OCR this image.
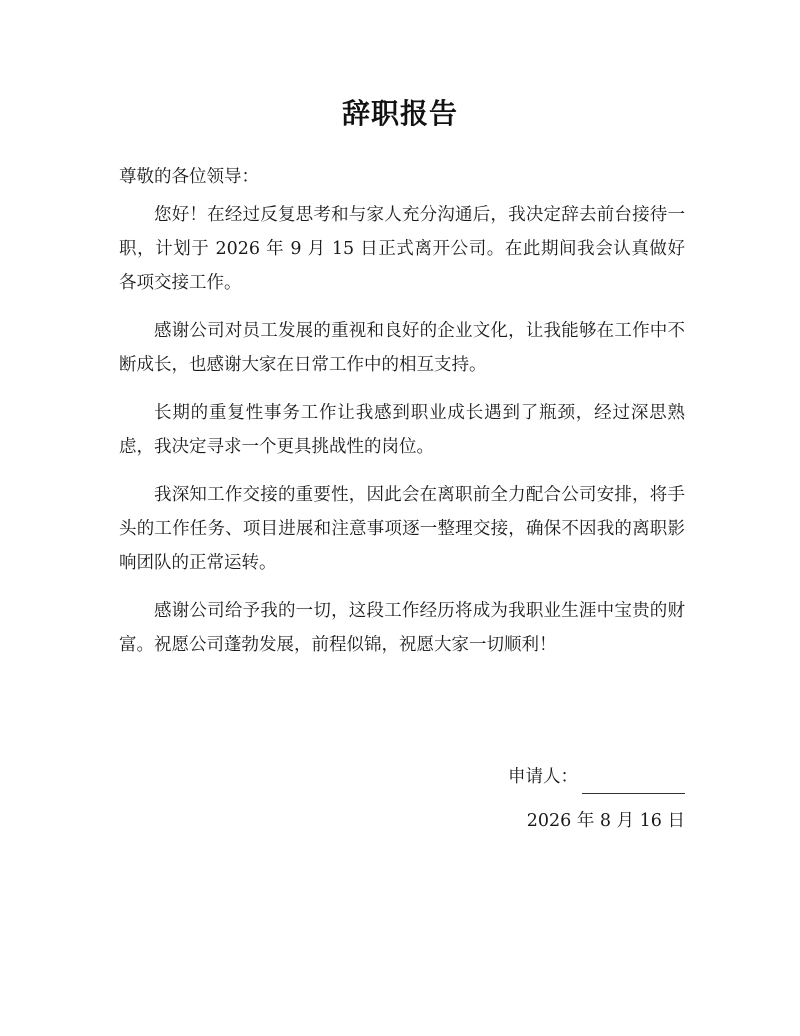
辞职报告

尊敬的各位领导：

您好！在经过反复思考和与家人充分沟通后，我决定辞去前台接待一职，计划于 2026 年 9 月 15 日正式离开公司。在此期间我会认真做好各项交接工作。

感谢公司对员工发展的重视和良好的企业文化，让我能够在工作中不断成长，也感谢大家在日常工作中的相互支持。

长期的重复性事务工作让我感到职业成长遇到了瓶颈，经过深思熟虑，我决定寻求一个更具挑战性的岗位。

我深知工作交接的重要性，因此会在离职前全力配合公司安排，将手头的工作任务、项目进展和注意事项逐一整理交接，确保不因我的离职影响团队的正常运转。

感谢公司给予我的一切，这段工作经历将成为我职业生涯中宝贵的财富。祝愿公司蓬勃发展，前程似锦，祝愿大家一切顺利！

申请人：
2026 年 8 月 16 日
